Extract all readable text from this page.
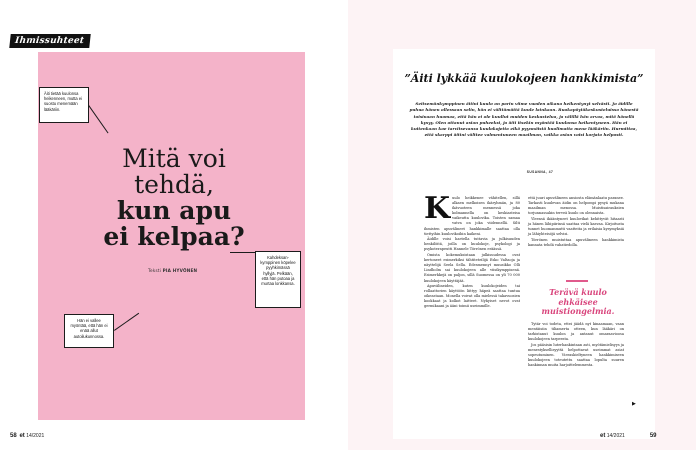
Ihmissuhteet
Mitä voi
tehdä,
kun apu
ei kelpaa?
Teksti PIA HYVÖNEN
Äiti tietää kuulonsa heikenneen, mutta ei suostu menemään lääkäriin.
Kahdeksan-kymppinen köpelee pyyhkimässä hyllyjä. Pelkään, että hän putoaa ja murtaa lonkkansa.
Hän ei vallee myöntää, että hän ei enää allut autoilukunnossa.
58 et 14/2021
”Äiti lykkää kuulokojeen hankkimista”
Seitsemänkymppinen äitini kuulo on parin viime vuoden aikana heikentynyt selvästi. Jo äidille puhua hänen ollessaan selin, hän ei välttämättä kuule lainkaan. Ruokapöytäkeskusteluissa hänestä toisinaan huomaa, että hän ei ole kuullut muiden keskustelua, ja välillä hän arvaa, mitä hänellä kysyy. Olen ottanut asian puheeksi, ja äiti itsekin myöntää kuulonsa heikentyneen. Hän ei kuitenkaan koe tarvitsevansa kuulokojetta eikä pyynnöistä huolimatta mene lääkäriin. Hurmittaa, että skarppi äitini välttee valmentuneen maailman, vaikka asian voisi korjata helposti.
SUSANNA, 47

Kuulo heikkenee vähitellen, sillä alkaen melkoisen ikäryhmän, ja 80 ikävuoteen mennessä joka kolmannella on keskiasteisa vaikeutta kuulovika. Toisten samaa vatva on joka viidennellä. Silti ihmisten apuvälineet hankkimalle saattaa olla tiettyihin kuulovikoihin kaikeni.

Äidille voisi haetella tuttavia ja julkisuuden henkilöitä, joilla on kuulokoje, psykologi ja psykoterapeutti Hannele Törrönen eräässä.

Omista kokemuksistaan julkisuudessa ovat kertoneet esimerkiksi tähtiteteilijä Esko Valtaoja ja näyttelijä Seela Sella. Edesmennyt muusikko Olli Lindholm sai kuulokojeen alle viisikymppisenä. Esimerkkejä on paljon, sillä Suomessa on yli 70 000 kuulokojeen käyttäjää.

Apuvälineiden, kuten kuulokojeiden tai rollaattorien käyttöön liittyy häpeä saattaa tuntua oikeastaan. Monella voivat olla mielessä takavuosien kookkaat ja kolkot laitteet. Nykyiset nevot ovat germikaani ja ääni toimii useimmille.

että juuri apuvälineen ansiosta elämänlaatu paranee. Tarkasti kuulevan äidin on helpompi pysyä mukana maailman menossa. Muistisairauksien torjunnassakin terveä kuulo on olennaista.

Yleensä ikääntyneet kuulovikat kehittyvät hitaasti ja hänen lähipiirinsä saattaa vielä kasvaa. Kirjoitusta tunnet huomanmutti vaatteita ja erilaisia kysymyksiä ja lähiyhteisöjä selvisi.

Törrönen muistuttaa apuvälineen hankkimista kannata tehdä vahatiedolla.

Terävä kuulo ehkäisee muistiongelmia.

Tytär voi todeta, ettei jäädä nyt kinaamaan, vaan mentäisiin tiliamerta otteen, kun lääkäri on tarkistanut kuulon ja antanut omaraavioosa kuulokojeen tarpeesta.

Jos pääsisin luterhankintaan asti, myötämielisyys ja menestyksellisyyttä helpottavat useimmat asiat sopeutuminen. Vieraskieltyneen hankkimiseen kuulokojeen toteutettu saattaa lopulta suuren hankinnan muita harjoittelemmesta.

▶
et 14/2021	59
